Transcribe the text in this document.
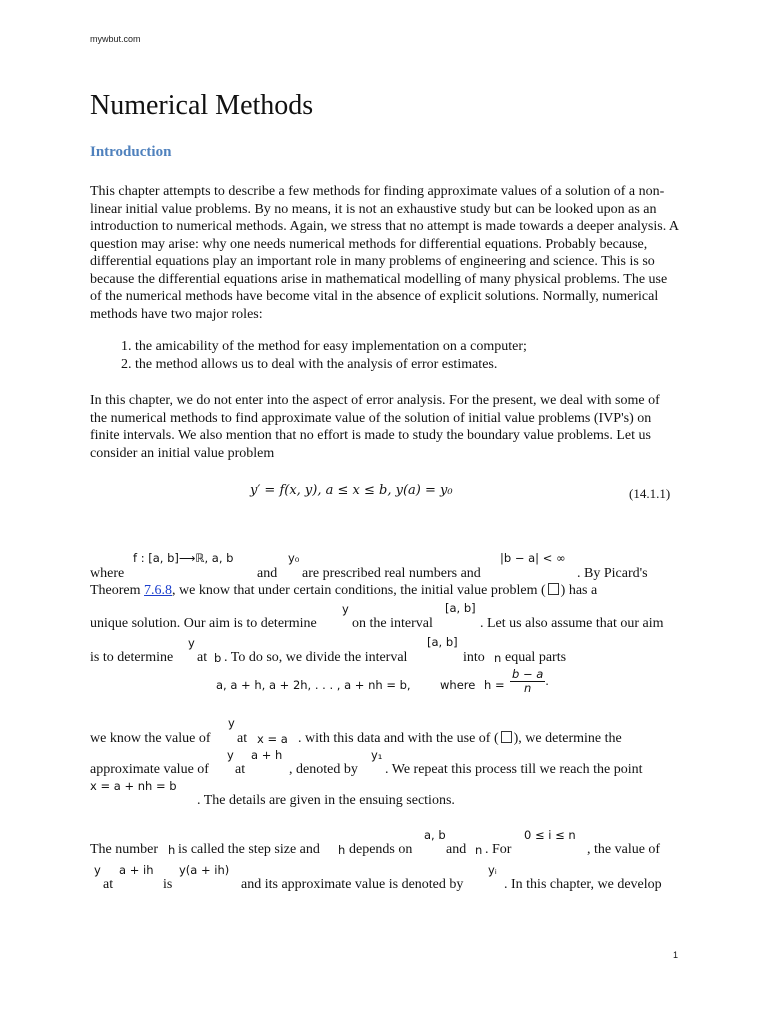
mywbut.com
Numerical Methods
Introduction
This chapter attempts to describe a few methods for finding approximate values of a solution of a non-linear initial value problems. By no means, it is not an exhaustive study but can be looked upon as an introduction to numerical methods. Again, we stress that no attempt is made towards a deeper analysis. A question may arise: why one needs numerical methods for differential equations. Probably because, differential equations play an important role in many problems of engineering and science. This is so because the differential equations arise in mathematical modelling of many physical problems. The use of the numerical methods have become vital in the absence of explicit solutions. Normally, numerical methods have two major roles:
1. the amicability of the method for easy implementation on a computer;
2. the method allows us to deal with the analysis of error estimates.
In this chapter, we do not enter into the aspect of error analysis. For the present, we deal with some of the numerical methods to find approximate value of the solution of initial value problems (IVP's) on finite intervals. We also mention that no effort is made to study the boundary value problems. Let us consider an initial value problem
y′ = f(x, y), a ≤ x ≤ b, y(a) = y₀	(14.1.1)
where
f : [a, b]⟶ℝ, a, b
and
y₀
are prescribed real numbers and
|b − a| < ∞
. By Picard's
Theorem 7.6.8, we know that under certain conditions, the initial value problem ( ) has a
unique solution. Our aim is to determine
y
on the interval
[a, b]
. Let us also assume that our aim
is to determine
y
at b . To do so, we divide the interval
[a, b]
into n equal parts
a, a + h, a + 2h, . . . , a + nh = b,	where $h = \frac{b - a}{n}$ .
we know the value of
y
at x = a . with this data and with the use of ( ), we determine the
approximate value of
y
at
a + h
, denoted by
y₁
. We repeat this process till we reach the point
x = a + nh = b
. The details are given in the ensuing sections.
The number h is called the step size and h depends on
a, b
and n . For
0 ≤ i ≤ n
, the value of
y
at
a + ih
is
y(a + ih)
and its approximate value is denoted by
yᵢ
. In this chapter, we develop
1
